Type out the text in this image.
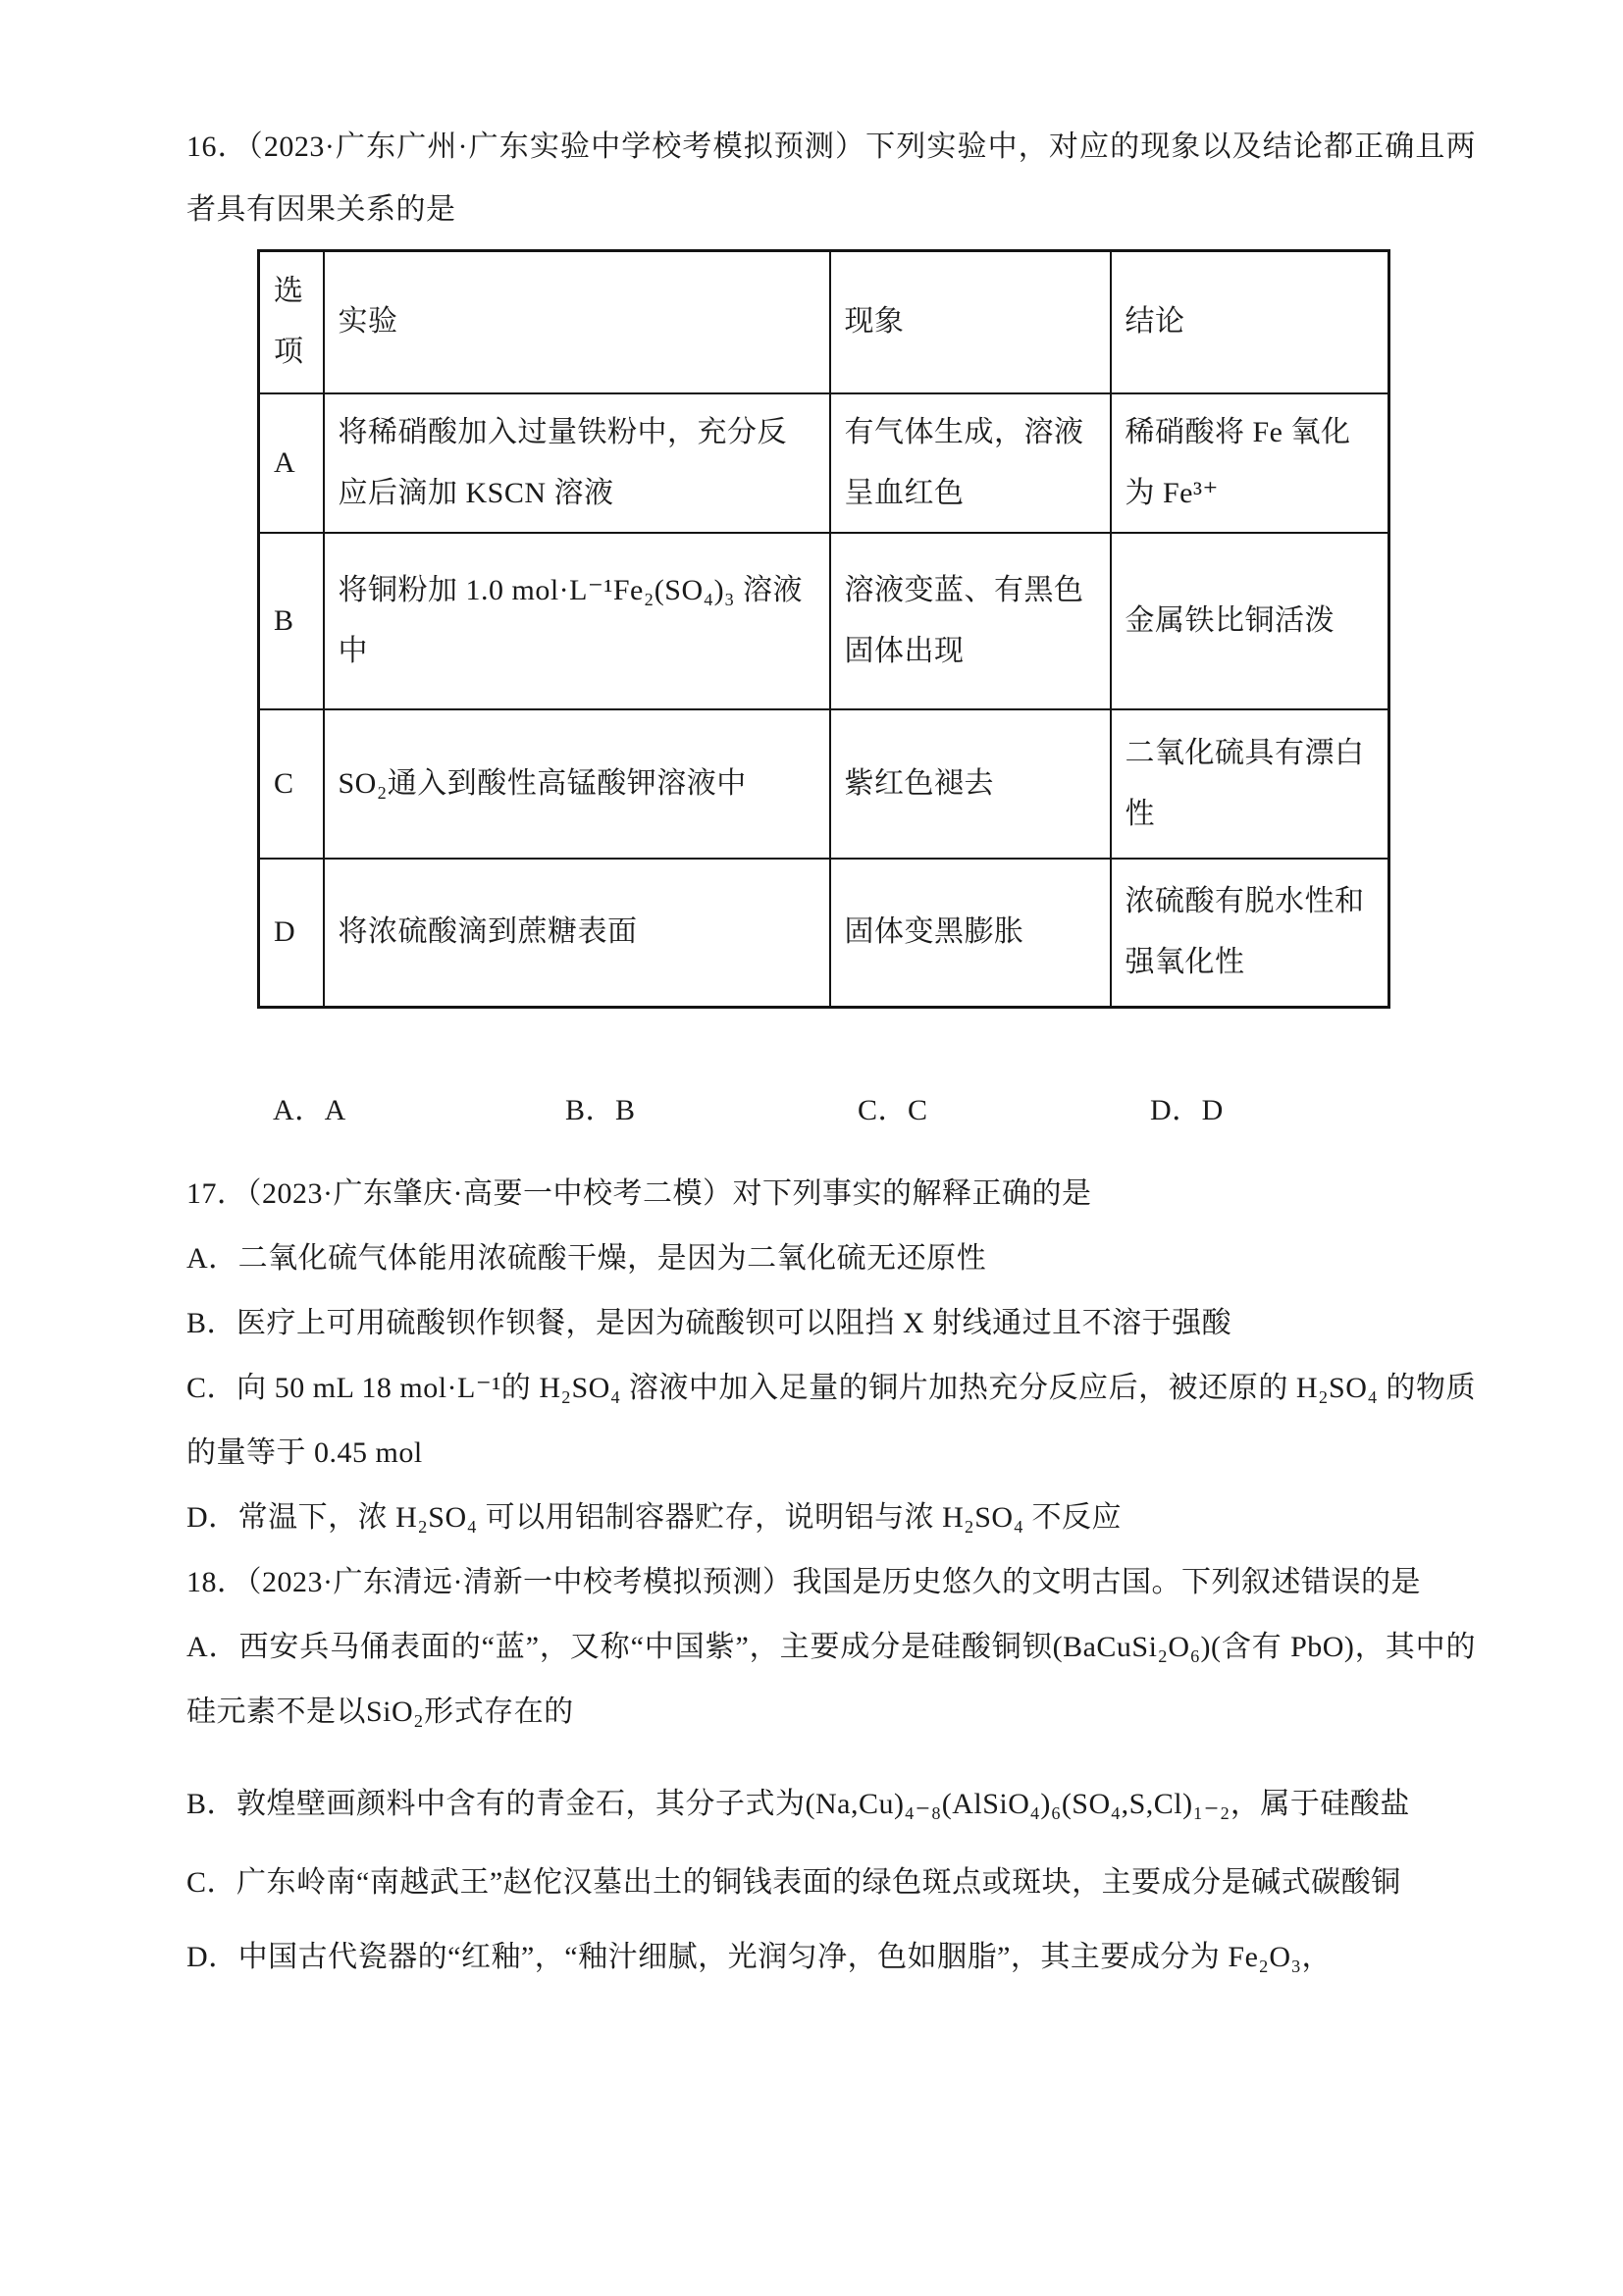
16．（2023·广东广州·广东实验中学校考模拟预测）下列实验中，对应的现象以及结论都正确且两者具有因果关系的是

选项	实验	现象	结论
A	将稀硝酸加入过量铁粉中，充分反应后滴加 KSCN 溶液	有气体生成，溶液呈血红色	稀硝酸将 Fe 氧化为 Fe³⁺
B	将铜粉加 1.0 mol·L⁻¹Fe₂(SO₄)₃ 溶液中	溶液变蓝、有黑色固体出现	金属铁比铜活泼
C	SO₂通入到酸性高锰酸钾溶液中	紫红色褪去	二氧化硫具有漂白性
D	将浓硫酸滴到蔗糖表面	固体变黑膨胀	浓硫酸有脱水性和强氧化性
A．A	B．B	C．C	D．D

17．（2023·广东肇庆·高要一中校考二模）对下列事实的解释正确的是

A．二氧化硫气体能用浓硫酸干燥，是因为二氧化硫无还原性

B．医疗上可用硫酸钡作钡餐，是因为硫酸钡可以阻挡 X 射线通过且不溶于强酸

C．向 50 mL 18 mol·L⁻¹的 H₂SO₄ 溶液中加入足量的铜片加热充分反应后，被还原的 H₂SO₄ 的物质的量等于 0.45 mol

D．常温下，浓 H₂SO₄ 可以用铝制容器贮存，说明铝与浓 H₂SO₄ 不反应

18．（2023·广东清远·清新一中校考模拟预测）我国是历史悠久的文明古国。下列叙述错误的是

A．西安兵马俑表面的“蓝”，又称“中国紫”，主要成分是硅酸铜钡(BaCuSi₂O₆)(含有 PbO)，其中的硅元素不是以SiO₂形式存在的

B．敦煌壁画颜料中含有的青金石，其分子式为(Na,Cu)₄₋₈(AlSiO₄)₆(SO₄,S,Cl)₁₋₂，属于硅酸盐

C．广东岭南“南越武王”赵佗汉墓出土的铜钱表面的绿色斑点或斑块，主要成分是碱式碳酸铜

D．中国古代瓷器的“红釉”，“釉汁细腻，光润匀净，色如胭脂”，其主要成分为 Fe₂O₃，
